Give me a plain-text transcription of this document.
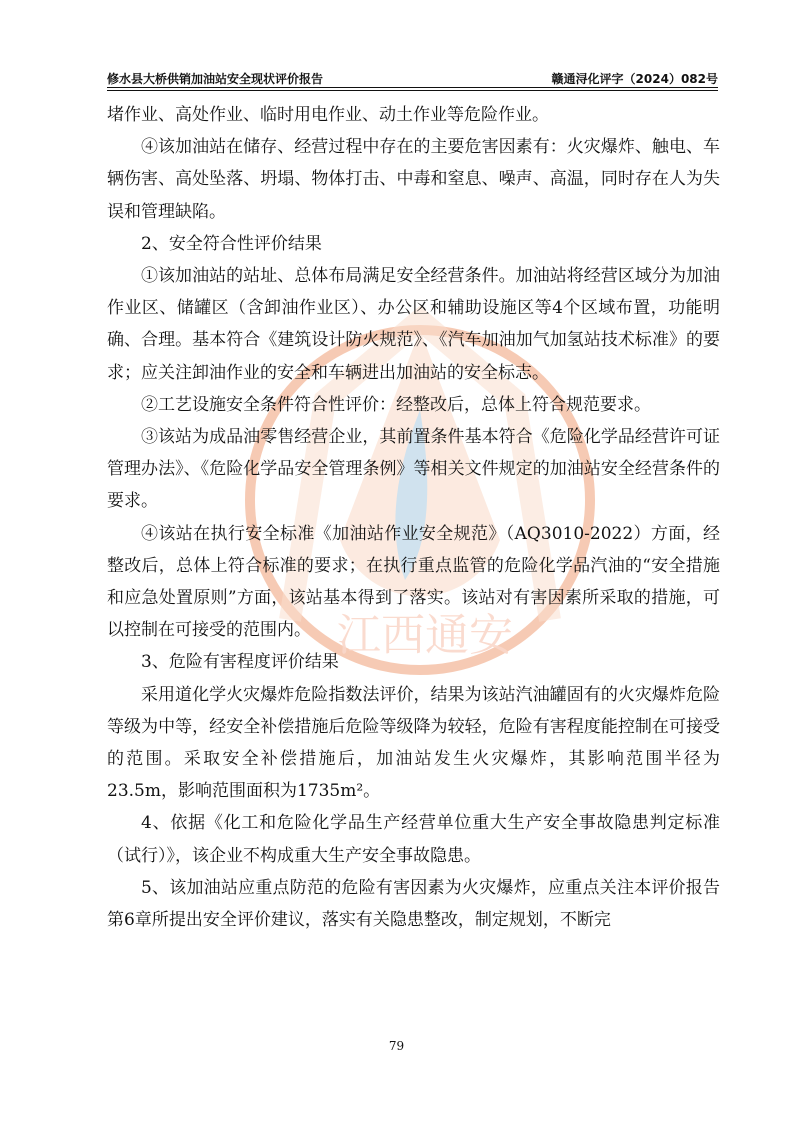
修水县大桥供销加油站安全现状评价报告	赣通浔化评字（2024）082号
江西通安

堵作业、高处作业、临时用电作业、动土作业等危险作业。

④该加油站在储存、经营过程中存在的主要危害因素有：火灾爆炸、触电、车辆伤害、高处坠落、坍塌、物体打击、中毒和窒息、噪声、高温，同时存在人为失误和管理缺陷。

2、安全符合性评价结果

①该加油站的站址、总体布局满足安全经营条件。加油站将经营区域分为加油作业区、储罐区（含卸油作业区）、办公区和辅助设施区等4个区域布置，功能明确、合理。基本符合《建筑设计防火规范》、《汽车加油加气加氢站技术标准》的要求；应关注卸油作业的安全和车辆进出加油站的安全标志。

②工艺设施安全条件符合性评价：经整改后，总体上符合规范要求。

③该站为成品油零售经营企业，其前置条件基本符合《危险化学品经营许可证管理办法》、《危险化学品安全管理条例》等相关文件规定的加油站安全经营条件的要求。

④该站在执行安全标准《加油站作业安全规范》（AQ3010-2022）方面，经整改后，总体上符合标准的要求；在执行重点监管的危险化学品汽油的“安全措施和应急处置原则”方面，该站基本得到了落实。该站对有害因素所采取的措施，可以控制在可接受的范围内。

3、危险有害程度评价结果

采用道化学火灾爆炸危险指数法评价，结果为该站汽油罐固有的火灾爆炸危险等级为中等，经安全补偿措施后危险等级降为较轻，危险有害程度能控制在可接受的范围。采取安全补偿措施后，加油站发生火灾爆炸，其影响范围半径为23.5m，影响范围面积为1735m²。

4、依据《化工和危险化学品生产经营单位重大生产安全事故隐患判定标准（试行）》，该企业不构成重大生产安全事故隐患。

5、该加油站应重点防范的危险有害因素为火灾爆炸，应重点关注本评价报告第6章所提出安全评价建议，落实有关隐患整改，制定规划，不断完

79
